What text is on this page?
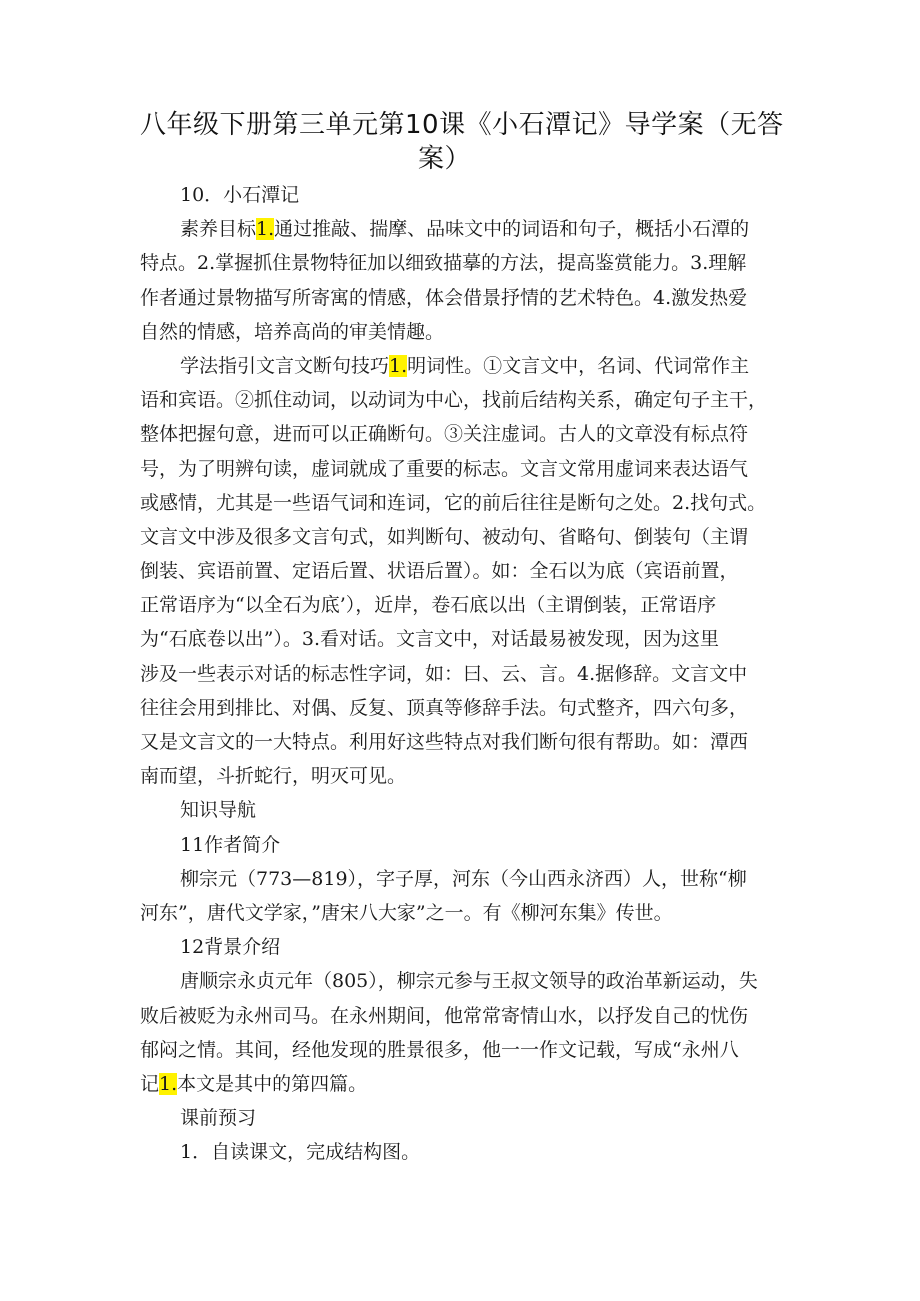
八年级下册第三单元第10课《小石潭记》导学案（无答
案）
10．小石潭记
素养目标1.通过推敲、揣摩、品味文中的词语和句子，概括小石潭的
特点。2.掌握抓住景物特征加以细致描摹的方法，提高鉴赏能力。3.理解
作者通过景物描写所寄寓的情感，体会借景抒情的艺术特色。4.激发热爱
自然的情感，培养高尚的审美情趣。
学法指引文言文断句技巧1.明词性。①文言文中，名词、代词常作主
语和宾语。②抓住动词，以动词为中心，找前后结构关系，确定句子主干，
整体把握句意，进而可以正确断句。③关注虚词。古人的文章没有标点符
号，为了明辨句读，虚词就成了重要的标志。文言文常用虚词来表达语气
或感情，尤其是一些语气词和连词，它的前后往往是断句之处。2.找句式。
文言文中涉及很多文言句式，如判断句、被动句、省略句、倒装句（主谓
倒装、宾语前置、定语后置、状语后置）。如：全石以为底（宾语前置，
正常语序为“以全石为底’），近岸，卷石底以出（主谓倒装，正常语序
为“石底卷以出”）。3.看对话。文言文中，对话最易被发现，因为这里
涉及一些表示对话的标志性字词，如：曰、云、言。4.据修辞。文言文中
往往会用到排比、对偶、反复、顶真等修辞手法。句式整齐，四六句多，
又是文言文的一大特点。利用好这些特点对我们断句很有帮助。如：潭西
南而望，斗折蛇行，明灭可见。
知识导航
11作者简介
柳宗元（773—819），字子厚，河东（今山西永济西）人，世称“柳
河东”，唐代文学家，”唐宋八大家”之一。有《柳河东集》传世。
12背景介绍
唐顺宗永贞元年（805），柳宗元参与王叔文领导的政治革新运动，失
败后被贬为永州司马。在永州期间，他常常寄情山水，以抒发自己的忧伤
郁闷之情。其间，经他发现的胜景很多，他一一作文记载，写成“永州八
记1.本文是其中的第四篇。
课前预习
1．自读课文，完成结构图。
